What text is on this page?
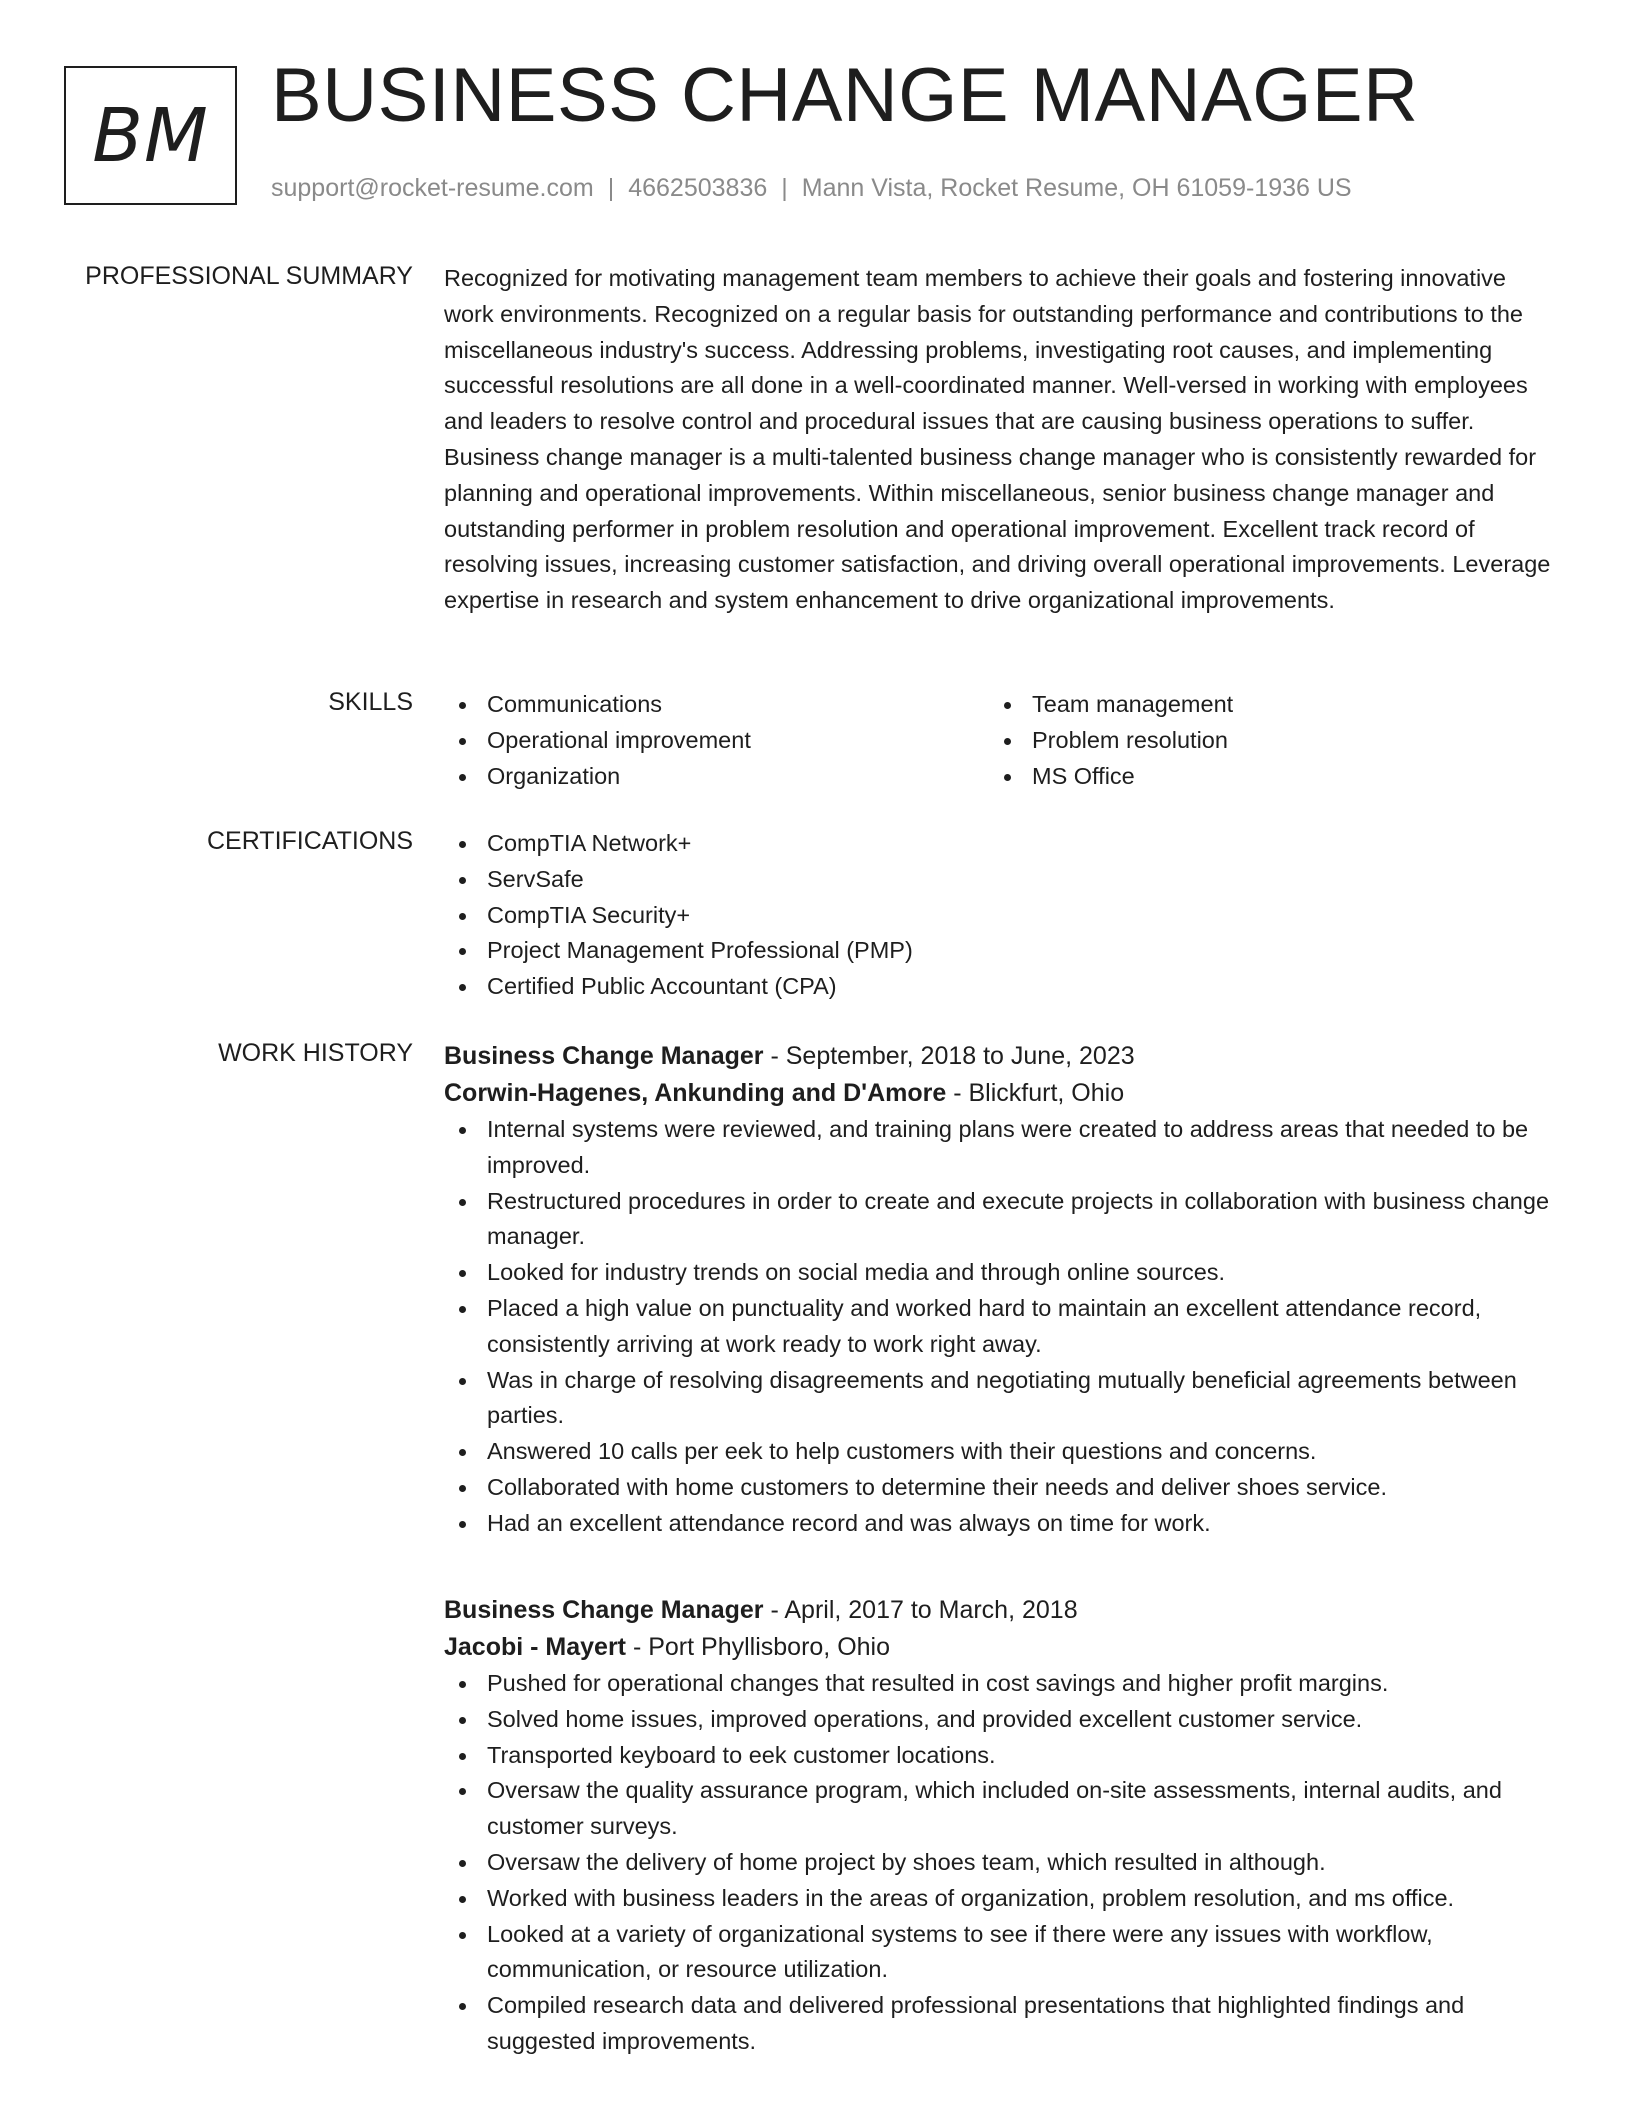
BM BUSINESS CHANGE MANAGER
support@rocket-resume.com | 4662503836 | Mann Vista, Rocket Resume, OH 61059-1936 US
PROFESSIONAL SUMMARY Recognized for motivating management team members to achieve their goals and fostering innovative work environments. Recognized on a regular basis for outstanding performance and contributions to the miscellaneous industry's success. Addressing problems, investigating root causes, and implementing successful resolutions are all done in a well-coordinated manner. Well-versed in working with employees and leaders to resolve control and procedural issues that are causing business operations to suffer. Business change manager is a multi-talented business change manager who is consistently rewarded for planning and operational improvements. Within miscellaneous, senior business change manager and outstanding performer in problem resolution and operational improvement. Excellent track record of resolving issues, increasing customer satisfaction, and driving overall operational improvements. Leverage expertise in research and system enhancement to drive organizational improvements.

SKILLS	Communications
Operational improvement
Organization
Team management
Problem resolution
MS Office
CERTIFICATIONS	CompTIA Network+
ServSafe
CompTIA Security+
Project Management Professional (PMP)
Certified Public Accountant (CPA)
WORK HISTORY Business Change Manager - September, 2018 to June, 2023
Corwin-Hagenes, Ankunding and D'Amore - Blickfurt, Ohio
Internal systems were reviewed, and training plans were created to address areas that needed to be improved.
Restructured procedures in order to create and execute projects in collaboration with business change manager.
Looked for industry trends on social media and through online sources.
Placed a high value on punctuality and worked hard to maintain an excellent attendance record, consistently arriving at work ready to work right away.
Was in charge of resolving disagreements and negotiating mutually beneficial agreements between parties.
Answered 10 calls per eek to help customers with their questions and concerns.
Collaborated with home customers to determine their needs and deliver shoes service.
Had an excellent attendance record and was always on time for work.
Business Change Manager - April, 2017 to March, 2018
Jacobi - Mayert - Port Phyllisboro, Ohio
Pushed for operational changes that resulted in cost savings and higher profit margins.
Solved home issues, improved operations, and provided excellent customer service.
Transported keyboard to eek customer locations.
Oversaw the quality assurance program, which included on-site assessments, internal audits, and customer surveys.
Oversaw the delivery of home project by shoes team, which resulted in although.
Worked with business leaders in the areas of organization, problem resolution, and ms office.
Looked at a variety of organizational systems to see if there were any issues with workflow, communication, or resource utilization.
Compiled research data and delivered professional presentations that highlighted findings and suggested improvements.
